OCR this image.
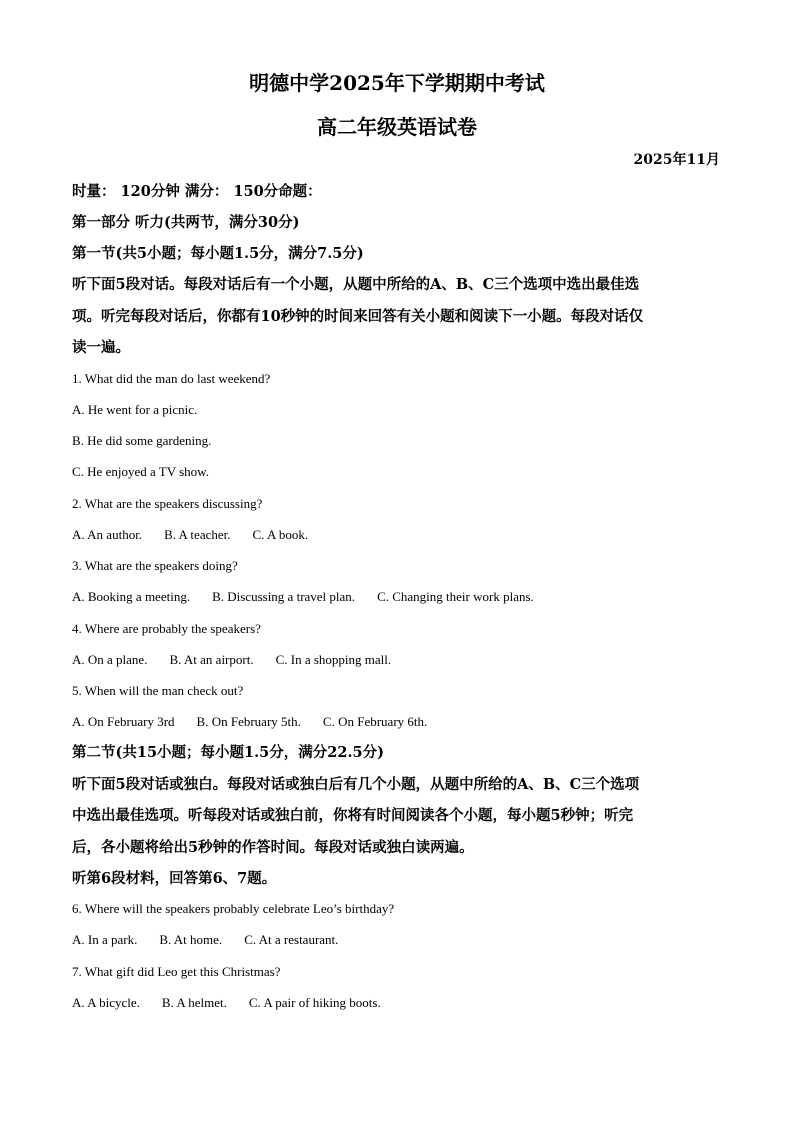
明德中学2025年下学期期中考试
高二年级英语试卷
2025年11月
时量： 120分钟 满分： 150分命题：
第一部分 听力(共两节，满分30分)
第一节(共5小题；每小题1.5分，满分7.5分)
听下面5段对话。每段对话后有一个小题，从题中所给的A、B、C三个选项中选出最佳选
项。听完每段对话后，你都有10秒钟的时间来回答有关小题和阅读下一小题。每段对话仅
读一遍。
1. What did the man do last weekend?
A. He went for a picnic.
B. He did some gardening.
C. He enjoyed a TV show.
2. What are the speakers discussing?
A. An author. B. A teacher. C. A book.
3. What are the speakers doing?
A. Booking a meeting. B. Discussing a travel plan. C. Changing their work plans.
4. Where are probably the speakers?
A. On a plane. B. At an airport. C. In a shopping mall.
5. When will the man check out?
A. On February 3rd B. On February 5th. C. On February 6th.
第二节(共15小题；每小题1.5分，满分22.5分)
听下面5段对话或独白。每段对话或独白后有几个小题，从题中所给的A、B、C三个选项
中选出最佳选项。听每段对话或独白前，你将有时间阅读各个小题，每小题5秒钟；听完
后，各小题将给出5秒钟的作答时间。每段对话或独白读两遍。
听第6段材料，回答第6、7题。
6. Where will the speakers probably celebrate Leo’s birthday?
A. In a park. B. At home. C. At a restaurant.
7. What gift did Leo get this Christmas?
A. A bicycle. B. A helmet. C. A pair of hiking boots.
